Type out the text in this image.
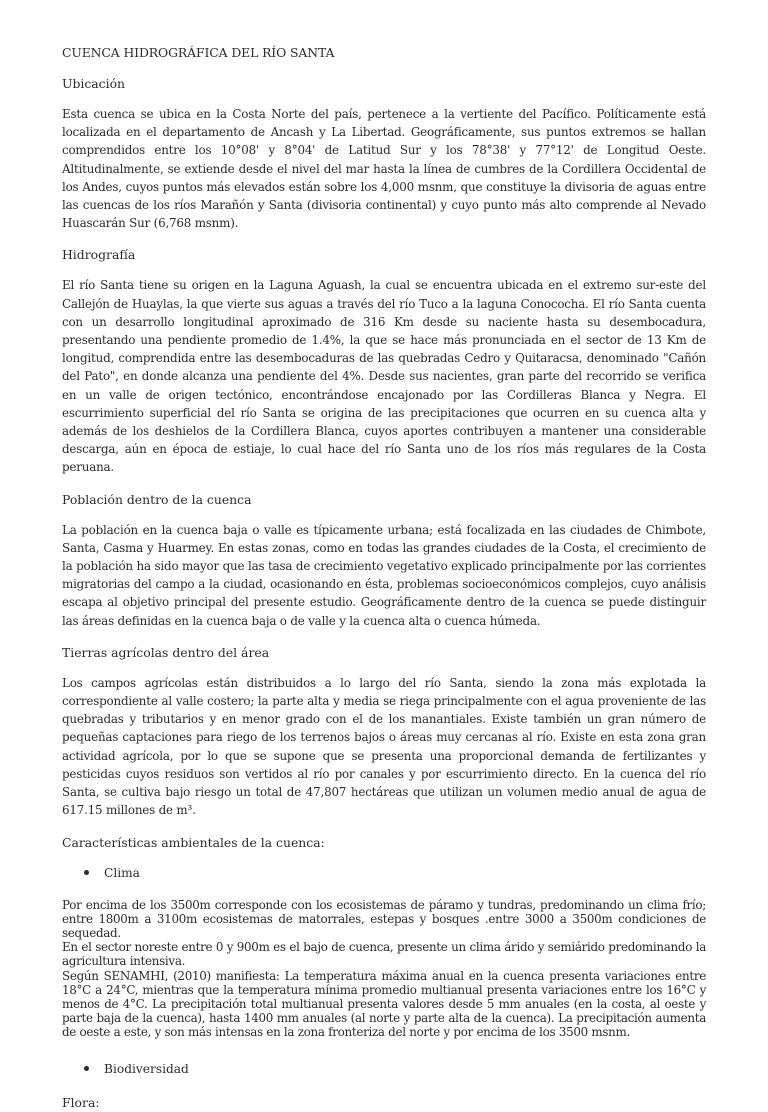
CUENCA HIDROGRÁFICA DEL RÍO SANTA
Ubicación
Esta cuenca se ubica en la Costa Norte del país, pertenece a la vertiente del Pacífico. Políticamente está localizada en el departamento de Ancash y La Libertad. Geográficamente, sus puntos extremos se hallan comprendidos entre los 10°08' y 8°04' de Latitud Sur y los 78°38' y 77°12' de Longitud Oeste. Altitudinalmente, se extiende desde el nivel del mar hasta la línea de cumbres de la Cordillera Occidental de los Andes, cuyos puntos más elevados están sobre los 4,000 msnm, que constituye la divisoria de aguas entre las cuencas de los ríos Marañón y Santa (divisoria continental) y cuyo punto más alto comprende al Nevado Huascarán Sur (6,768 msnm).
Hidrografía
El río Santa tiene su origen en la Laguna Aguash, la cual se encuentra ubicada en el extremo sur-este del Callejón de Huaylas, la que vierte sus aguas a través del río Tuco a la laguna Conococha. El río Santa cuenta con un desarrollo longitudinal aproximado de 316 Km desde su naciente hasta su desembocadura, presentando una pendiente promedio de 1.4%, la que se hace más pronunciada en el sector de 13 Km de longitud, comprendida entre las desembocaduras de las quebradas Cedro y Quitaracsa, denominado "Cañón del Pato", en donde alcanza una pendiente del 4%. Desde sus nacientes, gran parte del recorrido se verifica en un valle de origen tectónico, encontrándose encajonado por las Cordilleras Blanca y Negra. El escurrimiento superficial del río Santa se origina de las precipitaciones que ocurren en su cuenca alta y además de los deshielos de la Cordillera Blanca, cuyos aportes contribuyen a mantener una considerable descarga, aún en época de estiaje, lo cual hace del río Santa uno de los ríos más regulares de la Costa peruana.
Población dentro de la cuenca
La población en la cuenca baja o valle es típicamente urbana; está focalizada en las ciudades de Chimbote, Santa, Casma y Huarmey. En estas zonas, como en todas las grandes ciudades de la Costa, el crecimiento de la población ha sido mayor que las tasa de crecimiento vegetativo explicado principalmente por las corrientes migratorias del campo a la ciudad, ocasionando en ésta, problemas socioeconómicos complejos, cuyo análisis escapa al objetivo principal del presente estudio. Geográficamente dentro de la cuenca se puede distinguir las áreas definidas en la cuenca baja o de valle y la cuenca alta o cuenca húmeda.
Tierras agrícolas dentro del área
Los campos agrícolas están distribuidos a lo largo del río Santa, siendo la zona más explotada la correspondiente al valle costero; la parte alta y media se riega principalmente con el agua proveniente de las quebradas y tributarios y en menor grado con el de los manantiales. Existe también un gran número de pequeñas captaciones para riego de los terrenos bajos o áreas muy cercanas al río. Existe en esta zona gran actividad agrícola, por lo que se supone que se presenta una proporcional demanda de fertilizantes y pesticidas cuyos residuos son vertidos al río por canales y por escurrimiento directo. En la cuenca del río Santa, se cultiva bajo riesgo un total de 47,807 hectáreas que utilizan un volumen medio anual de agua de 617.15 millones de m³.
Características ambientales de la cuenca:
Clima
Por encima de los 3500m corresponde con los ecosistemas de páramo y tundras, predominando un clima frío; entre 1800m a 3100m ecosistemas de matorrales, estepas y bosques .entre 3000 a 3500m condiciones de sequedad.
En el sector noreste entre 0 y 900m es el bajo de cuenca, presente un clima árido y semiárido predominando la agricultura intensiva.
Según SENAMHI, (2010) manifiesta: La temperatura máxima anual en la cuenca presenta variaciones entre 18°C a 24°C, mientras que la temperatura mínima promedio multianual presenta variaciones entre los 16°C y menos de 4°C. La precipitación total multianual presenta valores desde 5 mm anuales (en la costa, al oeste y parte baja de la cuenca), hasta 1400 mm anuales (al norte y parte alta de la cuenca). La precipitación aumenta de oeste a este, y son más intensas en la zona fronteriza del norte y por encima de los 3500 msnm.
Biodiversidad
Flora:
